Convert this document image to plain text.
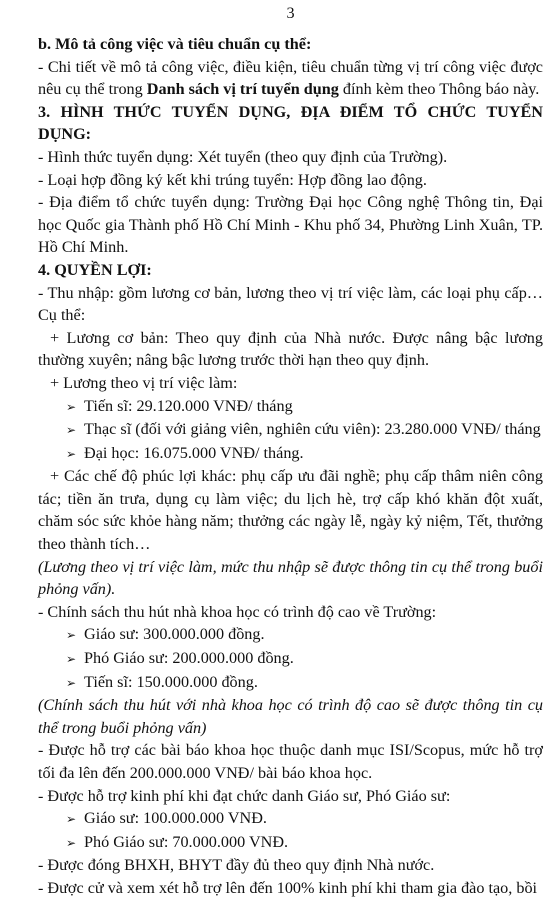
3

b. Mô tả công việc và tiêu chuẩn cụ thể:

- Chi tiết về mô tả công việc, điều kiện, tiêu chuẩn từng vị trí công việc được nêu cụ thể trong Danh sách vị trí tuyển dụng đính kèm theo Thông báo này.

3. HÌNH THỨC TUYỂN DỤNG, ĐỊA ĐIỂM TỔ CHỨC TUYỂN DỤNG:

- Hình thức tuyển dụng: Xét tuyển (theo quy định của Trường).

- Loại hợp đồng ký kết khi trúng tuyển: Hợp đồng lao động.

- Địa điểm tổ chức tuyển dụng: Trường Đại học Công nghệ Thông tin, Đại học Quốc gia Thành phố Hồ Chí Minh - Khu phố 34, Phường Linh Xuân, TP. Hồ Chí Minh.

4. QUYỀN LỢI:

- Thu nhập: gồm lương cơ bản, lương theo vị trí việc làm, các loại phụ cấp… Cụ thể:

+ Lương cơ bản: Theo quy định của Nhà nước. Được nâng bậc lương thường xuyên; nâng bậc lương trước thời hạn theo quy định.

+ Lương theo vị trí việc làm:

➢ Tiến sĩ: 29.120.000 VNĐ/ tháng

➢ Thạc sĩ (đối với giảng viên, nghiên cứu viên): 23.280.000 VNĐ/ tháng

➢ Đại học: 16.075.000 VNĐ/ tháng.

+ Các chế độ phúc lợi khác: phụ cấp ưu đãi nghề; phụ cấp thâm niên công tác; tiền ăn trưa, dụng cụ làm việc; du lịch hè, trợ cấp khó khăn đột xuất, chăm sóc sức khỏe hàng năm; thưởng các ngày lễ, ngày kỷ niệm, Tết, thưởng theo thành tích…

(Lương theo vị trí việc làm, mức thu nhập sẽ được thông tin cụ thể trong buổi phỏng vấn).

- Chính sách thu hút nhà khoa học có trình độ cao về Trường:

➢ Giáo sư: 300.000.000 đồng.

➢ Phó Giáo sư: 200.000.000 đồng.

➢ Tiến sĩ: 150.000.000 đồng.

(Chính sách thu hút với nhà khoa học có trình độ cao sẽ được thông tin cụ thể trong buổi phỏng vấn)

- Được hỗ trợ các bài báo khoa học thuộc danh mục ISI/Scopus, mức hỗ trợ tối đa lên đến 200.000.000 VNĐ/ bài báo khoa học.

- Được hỗ trợ kinh phí khi đạt chức danh Giáo sư, Phó Giáo sư:

➢ Giáo sư: 100.000.000 VNĐ.

➢ Phó Giáo sư: 70.000.000 VNĐ.

- Được đóng BHXH, BHYT đầy đủ theo quy định Nhà nước.

- Được cử và xem xét hỗ trợ lên đến 100% kinh phí khi tham gia đào tạo, bồi
